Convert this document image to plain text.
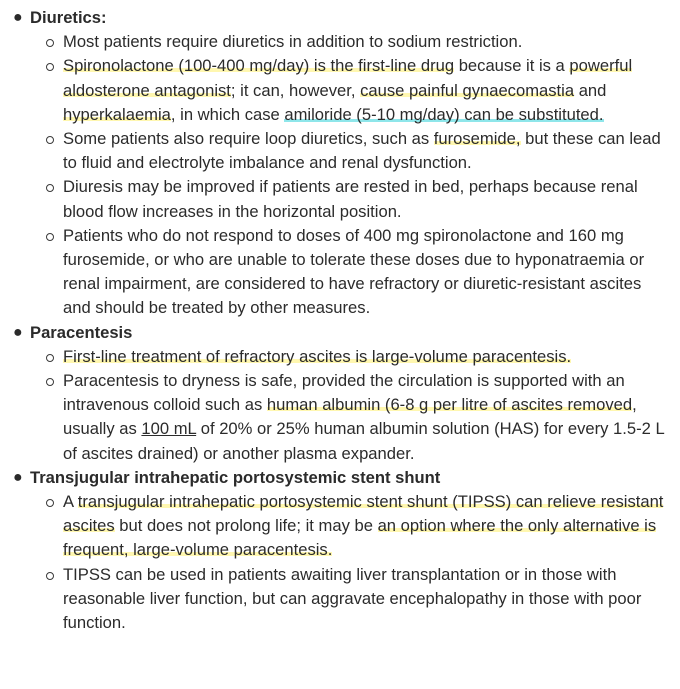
● Diuretics:
Most patients require diuretics in addition to sodium restriction.
Spironolactone (100-400 mg/day) is the first-line drug because it is a powerful aldosterone antagonist; it can, however, cause painful gynaecomastia and hyperkalaemia, in which case amiloride (5-10 mg/day) can be substituted.
Some patients also require loop diuretics, such as furosemide, but these can lead to fluid and electrolyte imbalance and renal dysfunction.
Diuresis may be improved if patients are rested in bed, perhaps because renal blood flow increases in the horizontal position.
Patients who do not respond to doses of 400 mg spironolactone and 160 mg furosemide, or who are unable to tolerate these doses due to hyponatraemia or renal impairment, are considered to have refractory or diuretic-resistant ascites and should be treated by other measures.
● Paracentesis
First-line treatment of refractory ascites is large-volume paracentesis.
Paracentesis to dryness is safe, provided the circulation is supported with an intravenous colloid such as human albumin (6-8 g per litre of ascites removed, usually as 100 mL of 20% or 25% human albumin solution (HAS) for every 1.5-2 L of ascites drained) or another plasma expander.
● Transjugular intrahepatic portosystemic stent shunt
A transjugular intrahepatic portosystemic stent shunt (TIPSS) can relieve resistant ascites but does not prolong life; it may be an option where the only alternative is frequent, large-volume paracentesis.
TIPSS can be used in patients awaiting liver transplantation or in those with reasonable liver function, but can aggravate encephalopathy in those with poor function.
